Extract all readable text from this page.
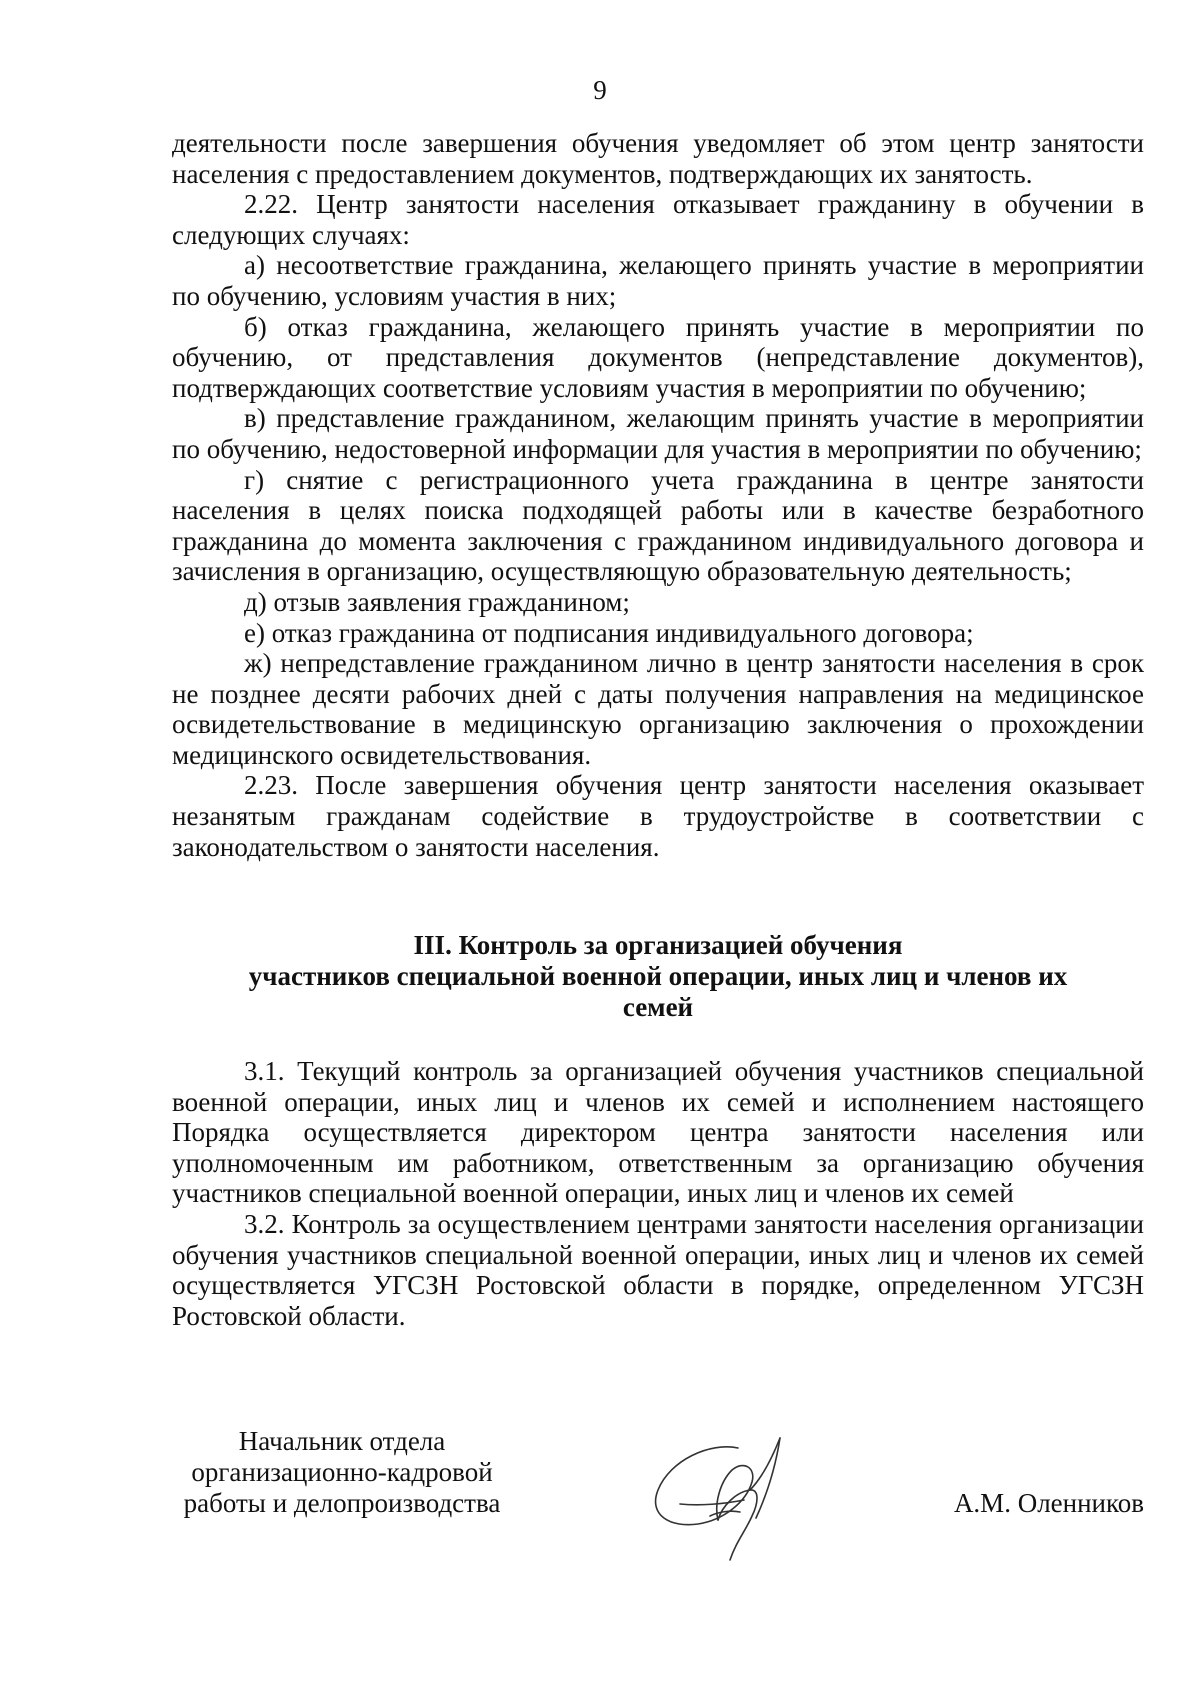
9

деятельности после завершения обучения уведомляет об этом центр занятости населения с предоставлением документов, подтверждающих их занятость.

2.22. Центр занятости населения отказывает гражданину в обучении в следующих случаях:

а) несоответствие гражданина, желающего принять участие в мероприятии по обучению, условиям участия в них;

б) отказ гражданина, желающего принять участие в мероприятии по обучению, от представления документов (непредставление документов), подтверждающих соответствие условиям участия в мероприятии по обучению;

в) представление гражданином, желающим принять участие в мероприятии по обучению, недостоверной информации для участия в мероприятии по обучению;

г) снятие с регистрационного учета гражданина в центре занятости населения в целях поиска подходящей работы или в качестве безработного гражданина до момента заключения с гражданином индивидуального договора и зачисления в организацию, осуществляющую образовательную деятельность;

д) отзыв заявления гражданином;

е) отказ гражданина от подписания индивидуального договора;

ж) непредставление гражданином лично в центр занятости населения в срок не позднее десяти рабочих дней с даты получения направления на медицинское освидетельствование в медицинскую организацию заключения о прохождении медицинского освидетельствования.

2.23. После завершения обучения центр занятости населения оказывает незанятым гражданам содействие в трудоустройстве в соответствии с законодательством о занятости населения.

III. Контроль за организацией обучения
участников специальной военной операции, иных лиц и членов их
семей

3.1. Текущий контроль за организацией обучения участников специальной военной операции, иных лиц и членов их семей и исполнением настоящего Порядка осуществляется директором центра занятости населения или уполномоченным им работником, ответственным за организацию обучения участников специальной военной операции, иных лиц и членов их семей

3.2. Контроль за осуществлением центрами занятости населения организации обучения участников специальной военной операции, иных лиц и членов их семей осуществляется УГСЗН Ростовской области в порядке, определенном УГСЗН Ростовской области.

Начальник отдела
организационно-кадровой
работы и делопроизводства	А.М. Оленников
